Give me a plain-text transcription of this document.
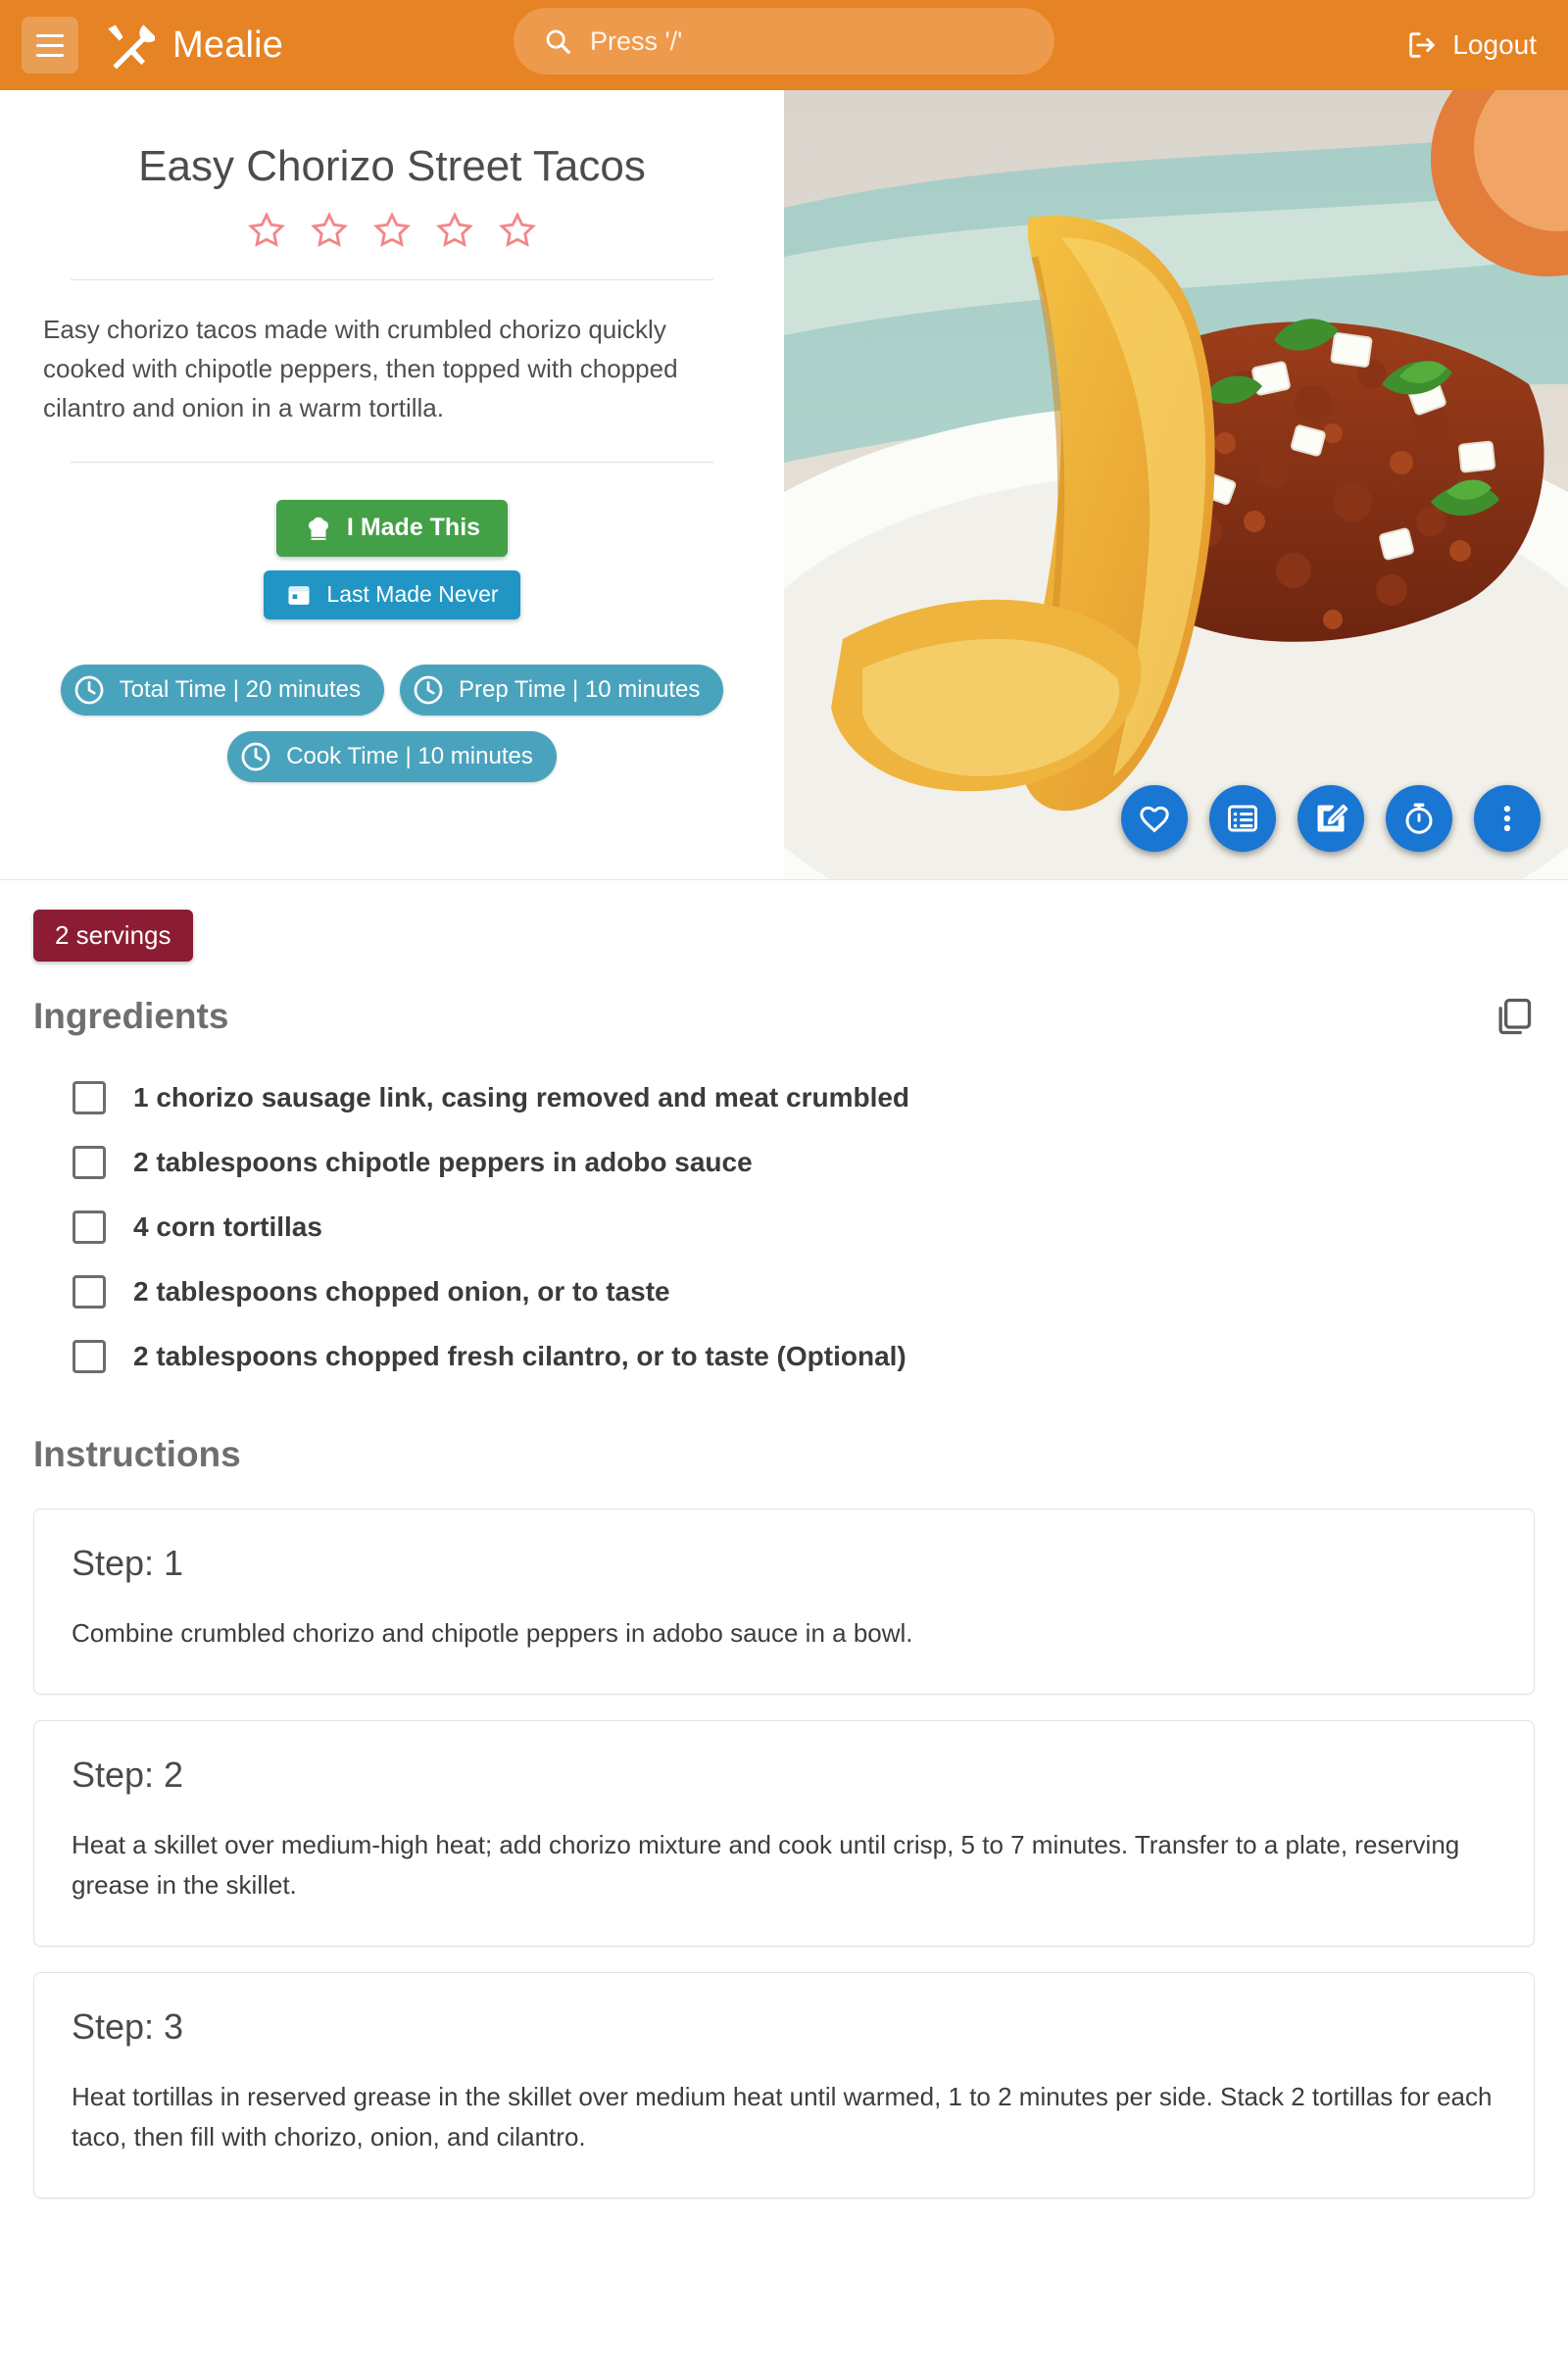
Mealie	Press '/'	Logout
Easy Chorizo Street Tacos

Easy chorizo tacos made with crumbled chorizo quickly cooked with chipotle peppers, then topped with chopped cilantro and onion in a warm tortilla.

I Made This
Last Made Never
Total Time | 20 minutes	Prep Time | 10 minutes
Cook Time | 10 minutes
2 servings
Ingredients
1 chorizo sausage link, casing removed and meat crumbled
2 tablespoons chipotle peppers in adobo sauce
4 corn tortillas
2 tablespoons chopped onion, or to taste
2 tablespoons chopped fresh cilantro, or to taste (Optional)
Instructions
Step: 1
Combine crumbled chorizo and chipotle peppers in adobo sauce in a bowl.
Step: 2
Heat a skillet over medium-high heat; add chorizo mixture and cook until crisp, 5 to 7 minutes. Transfer to a plate, reserving grease in the skillet.
Step: 3
Heat tortillas in reserved grease in the skillet over medium heat until warmed, 1 to 2 minutes per side. Stack 2 tortillas for each taco, then fill with chorizo, onion, and cilantro.
